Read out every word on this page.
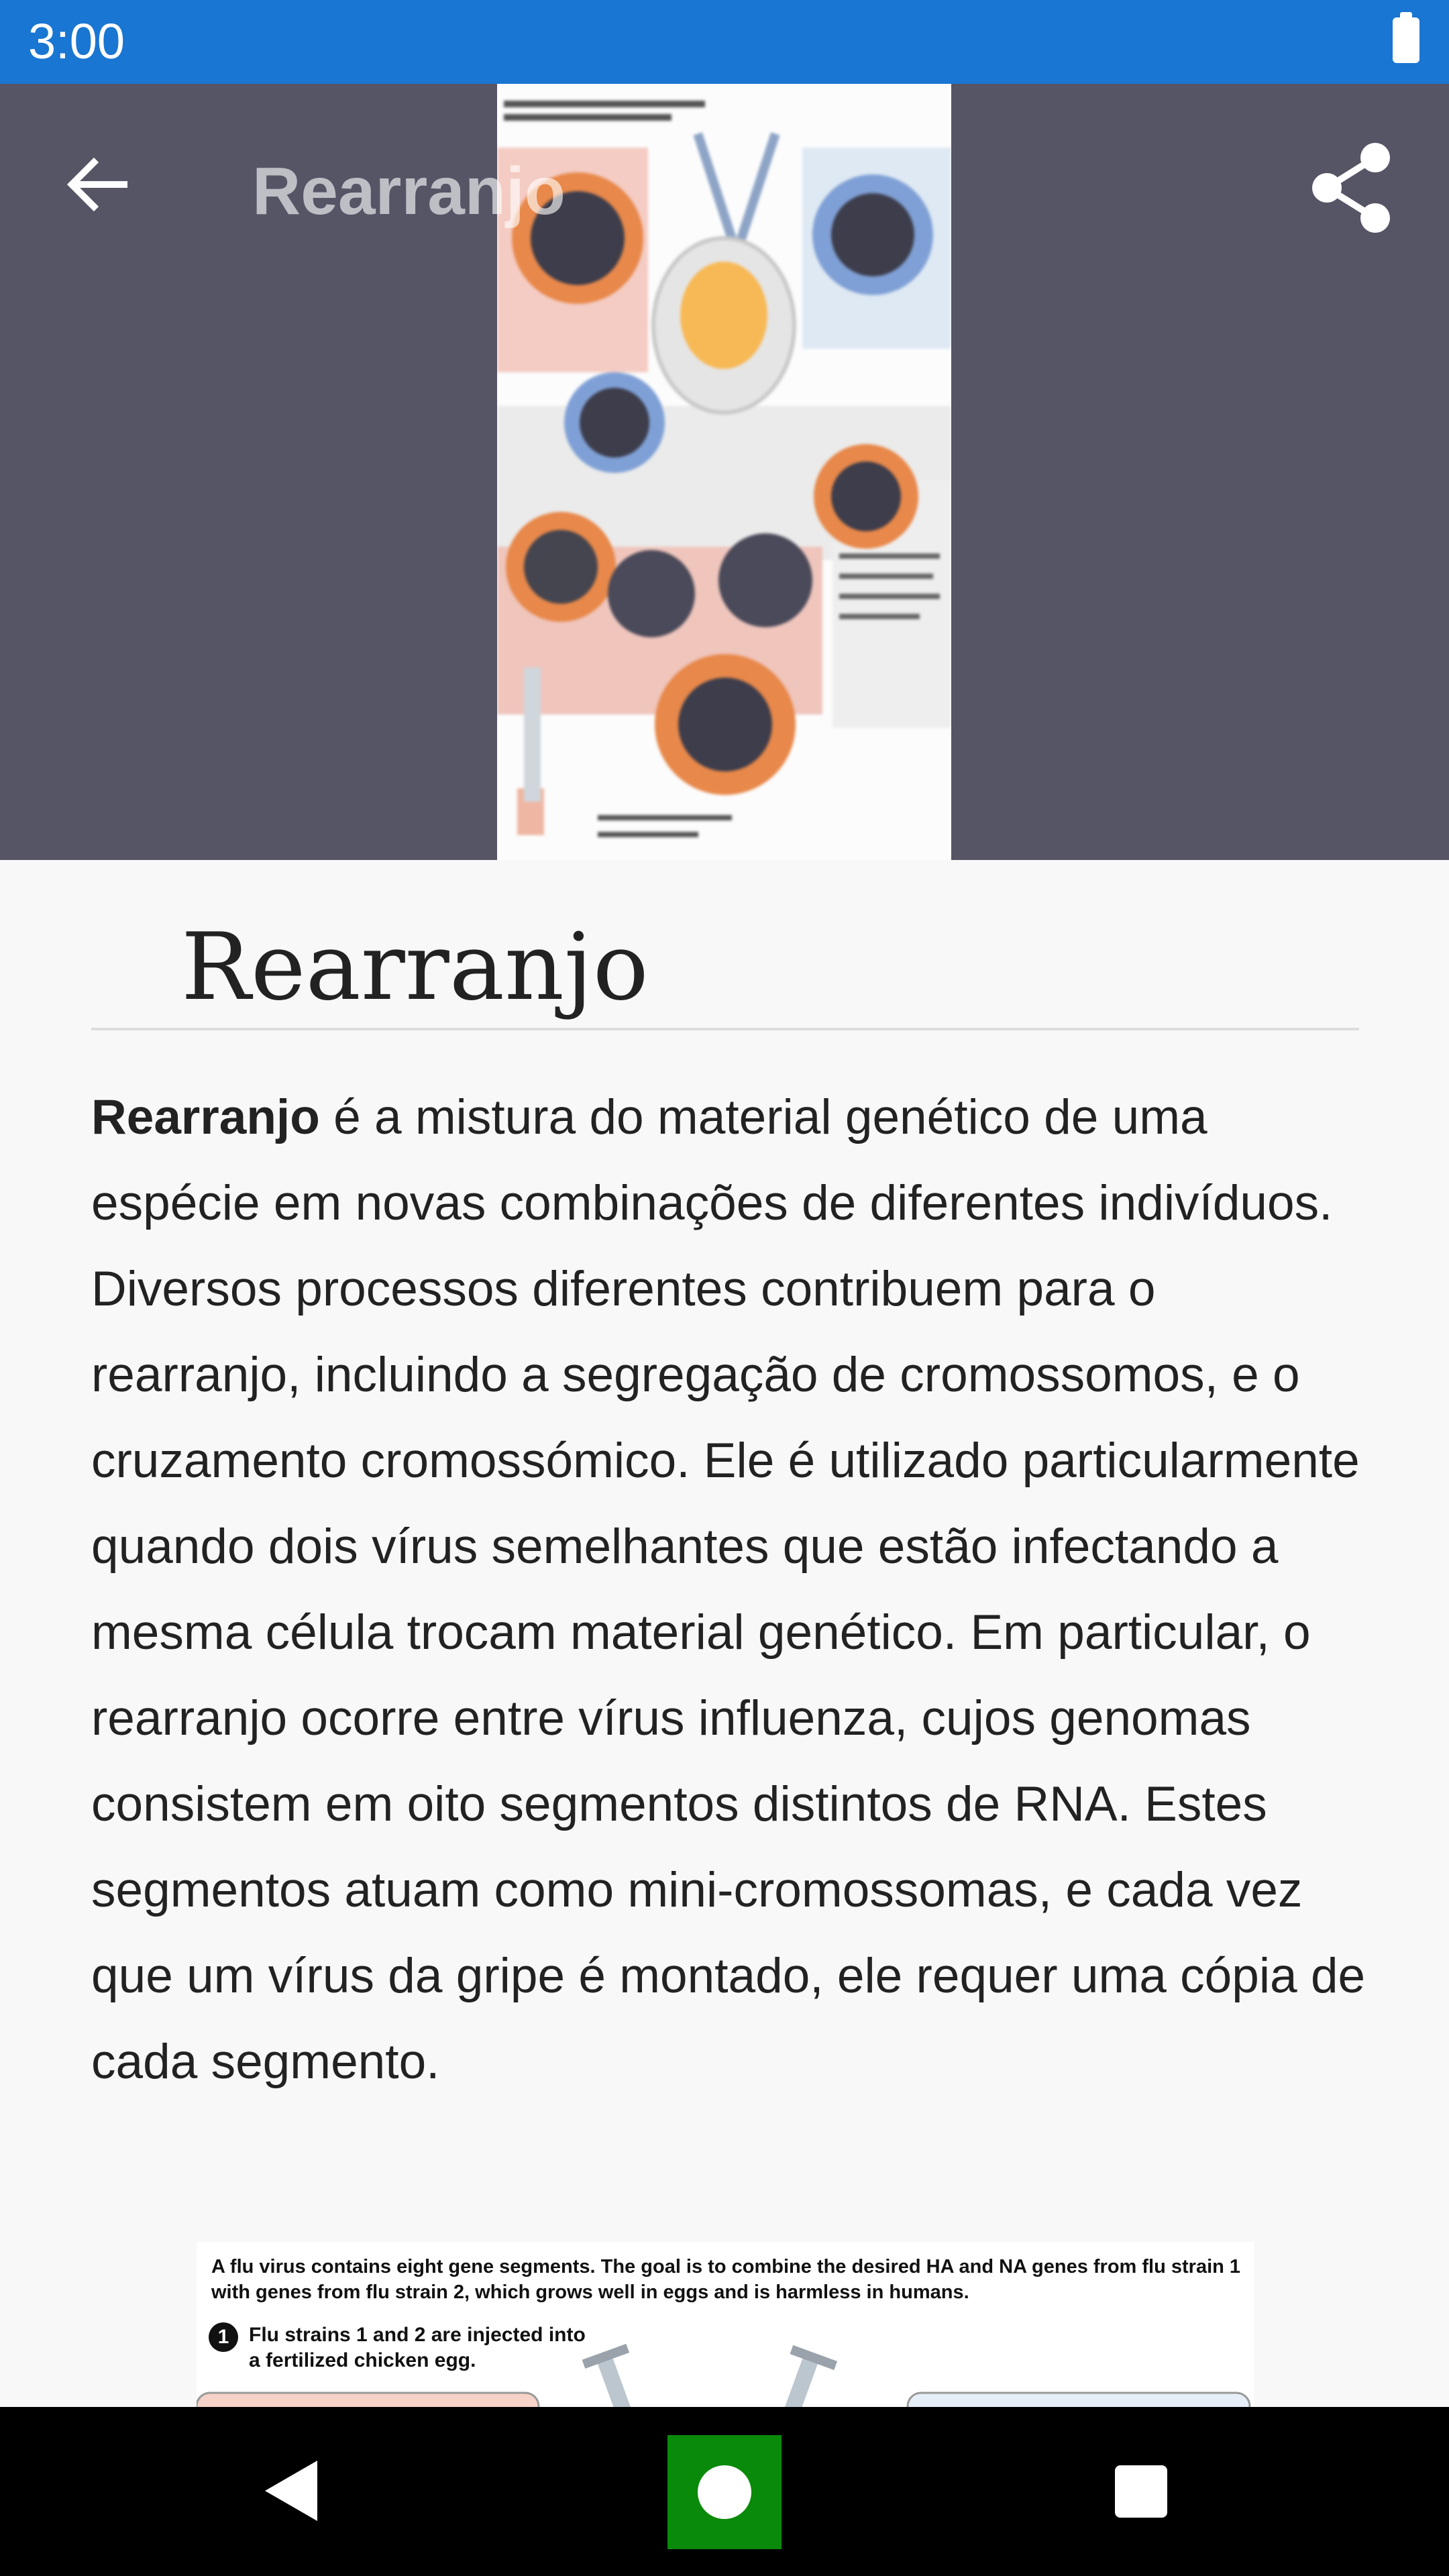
3:00
Rearranjo
Rearranjo
Rearranjo é a mistura do material genético de uma espécie em novas combinações de diferentes indivíduos. Diversos processos diferentes contribuem para o rearranjo, incluindo a segregação de cromossomos, e o cruzamento cromossómico. Ele é utilizado particularmente quando dois vírus semelhantes que estão infectando a mesma célula trocam material genético. Em particular, o rearranjo ocorre entre vírus influenza, cujos genomas consistem em oito segmentos distintos de RNA. Estes segmentos atuam como mini-cromossomas, e cada vez que um vírus da gripe é montado, ele requer uma cópia de cada segmento.
A flu virus contains eight gene segments. The goal is to combine the desired HA and NA genes from flu strain 1 with genes from flu strain 2, which grows well in eggs and is harmless in humans.
1 Flu strains 1 and 2 are injected into a fertilized chicken egg.
